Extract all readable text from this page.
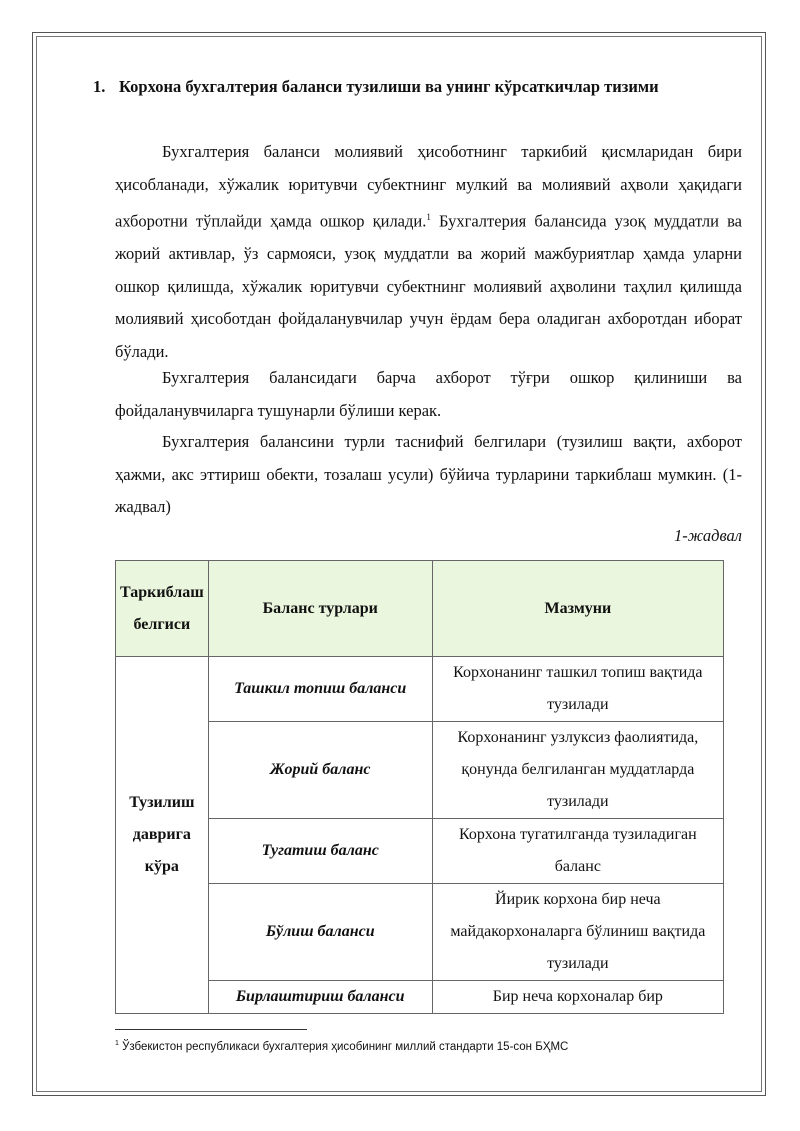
1. Корхона бухгалтерия баланси тузилиши ва унинг кўрсаткичлар тизими

Бухгалтерия баланси молиявий ҳисоботнинг таркибий қисмларидан бири ҳисобланади, хўжалик юритувчи субектнинг мулкий ва молиявий аҳволи ҳақидаги ахборотни тўплайди ҳамда ошкор қилади.$^1$ Бухгалтерия балансида узоқ муддатли ва жорий активлар, ўз сармояси, узоқ муддатли ва жорий мажбуриятлар ҳамда уларни ошкор қилишда, хўжалик юритувчи субектнинг молиявий аҳволини таҳлил қилишда молиявий ҳисоботдан фойдаланувчилар учун ёрдам бера оладиган ахборотдан иборат бўлади.

Бухгалтерия балансидаги барча ахборот тўғри ошкор қилиниши ва фойдаланувчиларга тушунарли бўлиши керак.

Бухгалтерия балансини турли таснифий белгилари (тузилиш вақти, ахборот ҳажми, акс эттириш обекти, тозалаш усули) бўйича турларини таркиблаш мумкин. (1-жадвал)

1-жадвал
Таркиблаш белгиси	Баланс турлари	Мазмуни
Тузилиш даврига кўра	Ташкил топиш баланси	Корхонанинг ташкил топиш вақтида тузилади
	Жорий баланс	Корхонанинг узлуксиз фаолиятида, қонунда белгиланган муддатларда тузилади
	Тугатиш баланс	Корхона тугатилганда тузиладиган баланс
	Бўлиш баланси	Йирик корхона бир неча майдакорхоналарга бўлиниш вақтида тузилади
	Бирлаштириш баланси	Бир неча корхоналар бир
$^1$ Ўзбекистон республикаси бухгалтерия ҳисобининг миллий стандарти 15-сон БҲМС
